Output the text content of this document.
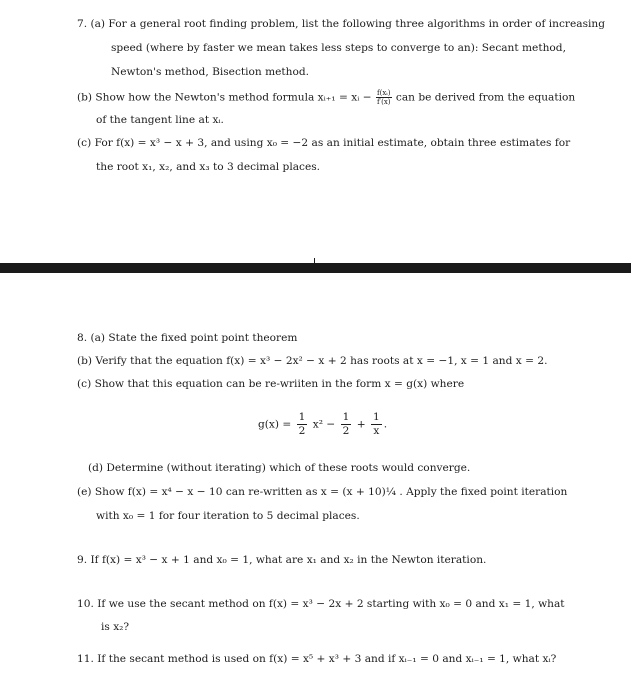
7. (a) For a general root finding problem, list the following three algorithms in order of increasing
speed (where by faster we mean takes less steps to converge to an): Secant method,
Newton's method, Bisection method.
(b) Show how the Newton's method formula xᵢ₊₁ = xᵢ − $\frac{\text{f(xᵢ)}}{f'(x)}$ can be derived from the equation
of the tangent line at xᵢ.
(c) For f(x) = x³ − x + 3, and using x₀ = −2 as an initial estimate, obtain three estimates for
the root x₁, x₂, and x₃ to 3 decimal places.
8. (a) State the fixed point point theorem
(b) Verify that the equation f(x) = x³ − 2x² − x + 2 has roots at x = −1, x = 1 and x = 2.
(c) Show that this equation can be re-wriiten in the form x = g(x) where
$g(x) = \frac{1}{2} x^2 - \frac{1}{2} + \frac{1}{x}$ .
(d) Determine (without iterating) which of these roots would converge.
(e) Show f(x) = x⁴ − x − 10 can re-written as x = (x + 10)¼ . Apply the fixed point iteration
with x₀ = 1 for four iteration to 5 decimal places.
9. If f(x) = x³ − x + 1 and x₀ = 1, what are x₁ and x₂ in the Newton iteration.
10. If we use the secant method on f(x) = x³ − 2x + 2 starting with x₀ = 0 and x₁ = 1, what
is x₂?
11. If the secant method is used on f(x) = x⁵ + x³ + 3 and if xᵢ₋₁ = 0 and xᵢ₋₁ = 1, what xᵢ?
